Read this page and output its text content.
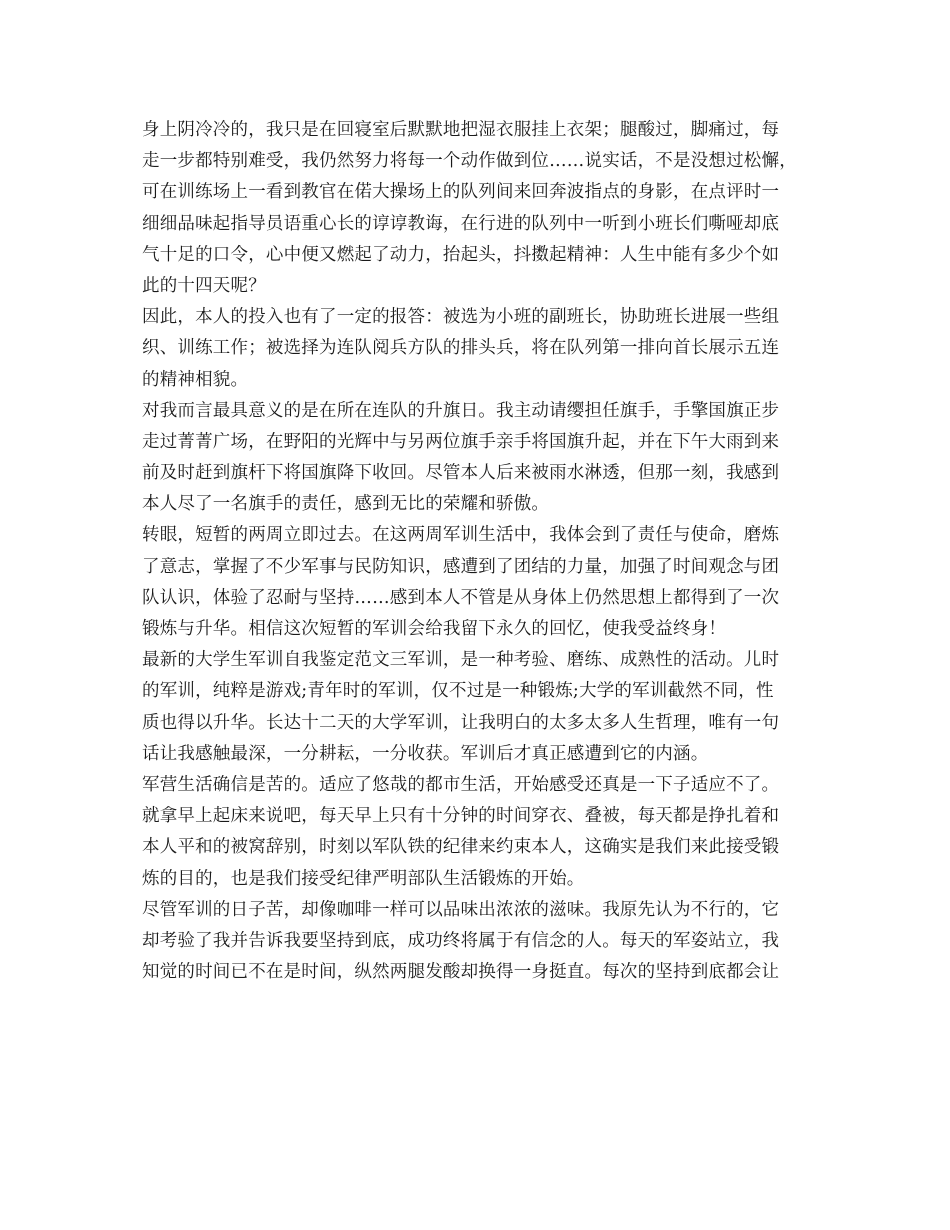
身上阴冷冷的，我只是在回寝室后默默地把湿衣服挂上衣架；腿酸过，脚痛过，每
走一步都特别难受，我仍然努力将每一个动作做到位……说实话，不是没想过松懈，
可在训练场上一看到教官在偌大操场上的队列间来回奔波指点的身影，在点评时一
细细品味起指导员语重心长的谆谆教诲，在行进的队列中一听到小班长们嘶哑却底
气十足的口令，心中便又燃起了动力，抬起头，抖擞起精神：人生中能有多少个如
此的十四天呢？
因此，本人的投入也有了一定的报答：被选为小班的副班长，协助班长进展一些组
织、训练工作；被选择为连队阅兵方队的排头兵，将在队列第一排向首长展示五连
的精神相貌。
对我而言最具意义的是在所在连队的升旗日。我主动请缨担任旗手，手擎国旗正步
走过菁菁广场，在野阳的光辉中与另两位旗手亲手将国旗升起，并在下午大雨到来
前及时赶到旗杆下将国旗降下收回。尽管本人后来被雨水淋透，但那一刻，我感到
本人尽了一名旗手的责任，感到无比的荣耀和骄傲。
转眼，短暂的两周立即过去。在这两周军训生活中，我体会到了责任与使命，磨炼
了意志，掌握了不少军事与民防知识，感遭到了团结的力量，加强了时间观念与团
队认识，体验了忍耐与坚持……感到本人不管是从身体上仍然思想上都得到了一次
锻炼与升华。相信这次短暂的军训会给我留下永久的回忆，使我受益终身！
最新的大学生军训自我鉴定范文三军训，是一种考验、磨练、成熟性的活动。儿时
的军训，纯粹是游戏;青年时的军训，仅不过是一种锻炼;大学的军训截然不同，性
质也得以升华。长达十二天的大学军训，让我明白的太多太多人生哲理，唯有一句
话让我感触最深，一分耕耘，一分收获。军训后才真正感遭到它的内涵。
军营生活确信是苦的。适应了悠哉的都市生活，开始感受还真是一下子适应不了。
就拿早上起床来说吧，每天早上只有十分钟的时间穿衣、叠被，每天都是挣扎着和
本人平和的被窝辞别，时刻以军队铁的纪律来约束本人，这确实是我们来此接受锻
炼的目的，也是我们接受纪律严明部队生活锻炼的开始。
尽管军训的日子苦，却像咖啡一样可以品味出浓浓的滋味。我原先认为不行的，它
却考验了我并告诉我要坚持到底，成功终将属于有信念的人。每天的军姿站立，我
知觉的时间已不在是时间，纵然两腿发酸却换得一身挺直。每次的坚持到底都会让
